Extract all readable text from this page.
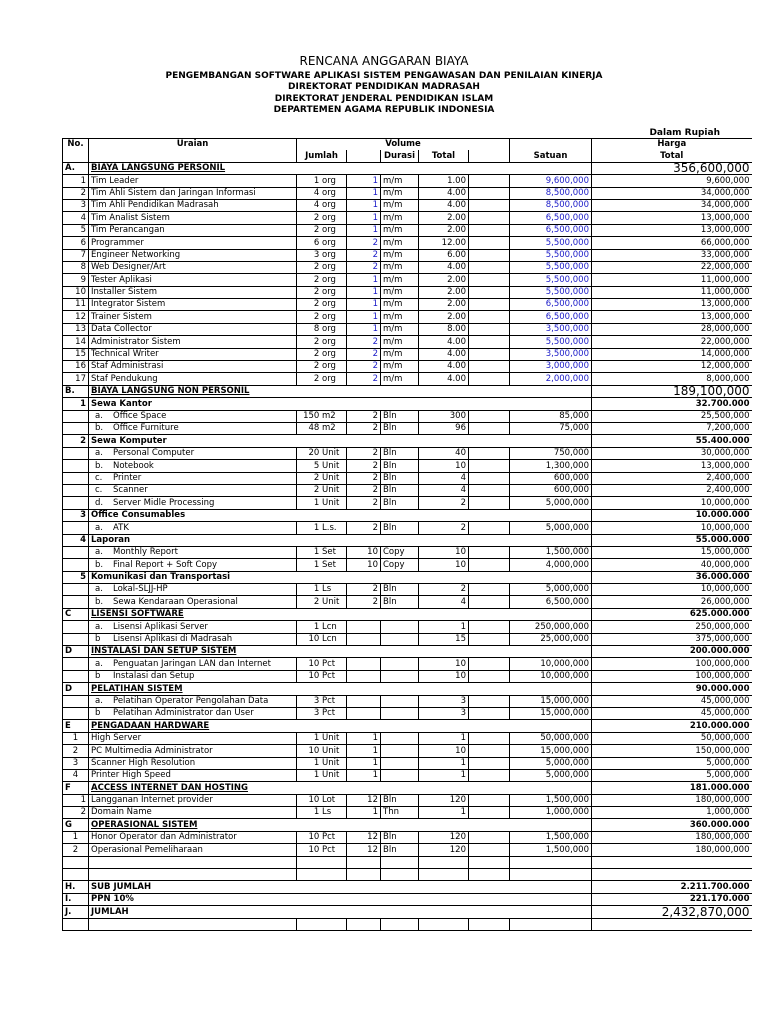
RENCANA ANGGARAN BIAYA
PENGEMBANGAN SOFTWARE APLIKASI SISTEM PENGAWASAN DAN PENILAIAN KINERJA
DIREKTORAT PENDIDIKAN MADRASAH
DIREKTORAT JENDERAL PENDIDIKAN ISLAM
DEPARTEMEN AGAMA REPUBLIK INDONESIA
Dalam Rupiah
No.	Uraian	Volume						Harga
		Jumlah		Durasi	Total		Satuan	Total
A.	BIAYA LANGSUNG PERSONIL							356,600,000
1	Tim Leader	1 org	1	m/m	1.00		9,600,000	9,600,000
2	Tim Ahli Sistem dan Jaringan Informasi	4 org	1	m/m	4.00		8,500,000	34,000,000
3	Tim Ahli Pendidikan Madrasah	4 org	1	m/m	4.00		8,500,000	34,000,000
4	Tim Analist Sistem	2 org	1	m/m	2.00		6,500,000	13,000,000
5	Tim Perancangan	2 org	1	m/m	2.00		6,500,000	13,000,000
6	Programmer	6 org	2	m/m	12.00		5,500,000	66,000,000
7	Engineer Networking	3 org	2	m/m	6.00		5,500,000	33,000,000
8	Web Designer/Art	2 org	2	m/m	4.00		5,500,000	22,000,000
9	Tester Aplikasi	2 org	1	m/m	2.00		5,500,000	11,000,000
10	Installer Sistem	2 org	1	m/m	2.00		5,500,000	11,000,000
11	Integrator Sistem	2 org	1	m/m	2.00		6,500,000	13,000,000
12	Trainer Sistem	2 org	1	m/m	2.00		6,500,000	13,000,000
13	Data Collector	8 org	1	m/m	8.00		3,500,000	28,000,000
14	Administrator Sistem	2 org	2	m/m	4.00		5,500,000	22,000,000
15	Technical Writer	2 org	2	m/m	4.00		3,500,000	14,000,000
16	Staf Administrasi	2 org	2	m/m	4.00		3,000,000	12,000,000
17	Staf Pendukung	2 org	2	m/m	4.00		2,000,000	8,000,000
B.	BIAYA LANGSUNG NON PERSONIL							189,100,000
1	Sewa Kantor							32.700.000
	a. Office Space	150 m2	2	Bln	300		85,000	25,500,000
	b. Office Furniture	48 m2	2	Bln	96		75,000	7,200,000
2	Sewa Komputer							55.400.000
	a. Personal Computer	20 Unit	2	Bln	40		750,000	30,000,000
	b. Notebook	5 Unit	2	Bln	10		1,300,000	13,000,000
	c. Printer	2 Unit	2	Bln	4		600,000	2,400,000
	c. Scanner	2 Unit	2	Bln	4		600,000	2,400,000
	d. Server Midle Processing	1 Unit	2	Bln	2		5,000,000	10,000,000
3	Office Consumables							10.000.000
	a. ATK	1 L.s.	2	Bln	2		5,000,000	10,000,000
4	Laporan							55.000.000
	a. Monthly Report	1 Set	10	Copy	10		1,500,000	15,000,000
	b. Final Report + Soft Copy	1 Set	10	Copy	10		4,000,000	40,000,000
5	Komunikasi dan Transportasi							36.000.000
	a. Lokal-SLJJ-HP	1 Ls	2	Bln	2		5,000,000	10,000,000
	b. Sewa Kendaraan Operasional	2 Unit	2	Bln	4		6,500,000	26,000,000
C	LISENSI SOFTWARE							625.000.000
	a. Lisensi Aplikasi Server	1 Lcn			1		250,000,000	250,000,000
	b Lisensi Aplikasi di Madrasah	10 Lcn			15		25,000,000	375,000,000
D	INSTALASI DAN SETUP SISTEM							200.000.000
	a. Penguatan Jaringan LAN dan Internet	10 Pct			10		10,000,000	100,000,000
	b Instalasi dan Setup	10 Pct			10		10,000,000	100,000,000
D	PELATIHAN SISTEM							90.000.000
	a. Pelatihan Operator Pengolahan Data	3 Pct			3		15,000,000	45,000,000
	b Pelatihan Administrator dan User	3 Pct			3		15,000,000	45,000,000
E	PENGADAAN HARDWARE							210.000.000
1	High Server	1 Unit	1		1		50,000,000	50,000,000
2	PC Multimedia Administrator	10 Unit	1		10		15,000,000	150,000,000
3	Scanner High Resolution	1 Unit	1		1		5,000,000	5,000,000
4	Printer High Speed	1 Unit	1		1		5,000,000	5,000,000
F	ACCESS INTERNET DAN HOSTING							181.000.000
1	Langganan Internet provider	10 Lot	12	Bln	120		1,500,000	180,000,000
2	Domain Name	1 Ls	1	Thn	1		1,000,000	1,000,000
G	OPERASIONAL SISTEM							360.000.000
1	Honor Operator dan Administrator	10 Pct	12	Bln	120		1,500,000	180,000,000
2	Operasional Pemeliharaan	10 Pct	12	Bln	120		1,500,000	180,000,000

H.	SUB JUMLAH							2.211.700.000
I.	PPN 10%							221.170.000
J.	JUMLAH							2,432,870,000
